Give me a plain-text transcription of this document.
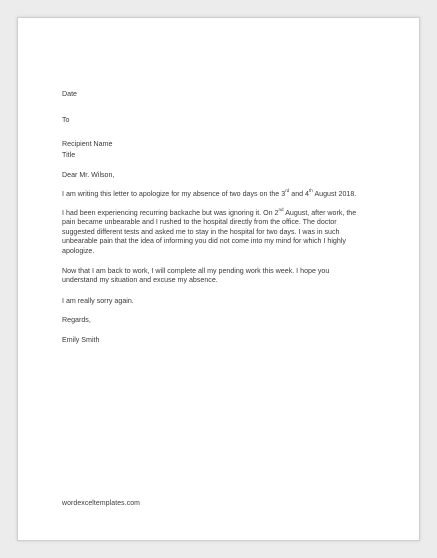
Date
To
Recipient Name
Title
Dear Mr. Wilson,
I am writing this letter to apologize for my absence of two days on the 3rd and 4th August 2018.
I had been experiencing recurring backache but was ignoring it. On 2nd August, after work, the
pain became unbearable and I rushed to the hospital directly from the office. The doctor
suggested different tests and asked me to stay in the hospital for two days. I was in such
unbearable pain that the idea of informing you did not come into my mind for which I highly
apologize.
Now that I am back to work, I will complete all my pending work this week. I hope you
understand my situation and excuse my absence.
I am really sorry again.
Regards,
Emily Smith
wordexceltemplates.com
